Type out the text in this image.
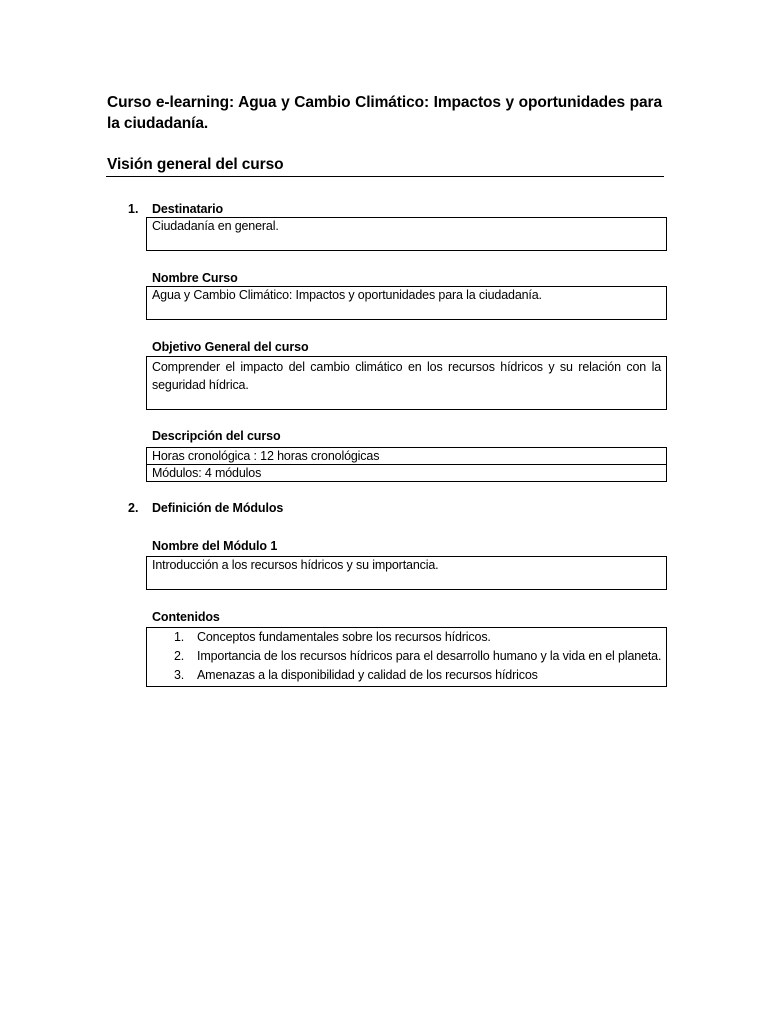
Curso e-learning: Agua y Cambio Climático: Impactos y oportunidades para la ciudadanía.
Visión general del curso
1. Destinatario
Ciudadanía en general.
Nombre Curso
Agua y Cambio Climático: Impactos y oportunidades para la ciudadanía.
Objetivo General del curso
Comprender el impacto del cambio climático en los recursos hídricos y su relación con la seguridad hídrica.
Descripción del curso
Horas cronológica : 12 horas cronológicas
Módulos: 4 módulos
2. Definición de Módulos
Nombre del Módulo 1
Introducción a los recursos hídricos y su importancia.
Contenidos
1. Conceptos fundamentales sobre los recursos hídricos.
2. Importancia de los recursos hídricos para el desarrollo humano y la vida en el planeta.
3. Amenazas a la disponibilidad y calidad de los recursos hídricos
